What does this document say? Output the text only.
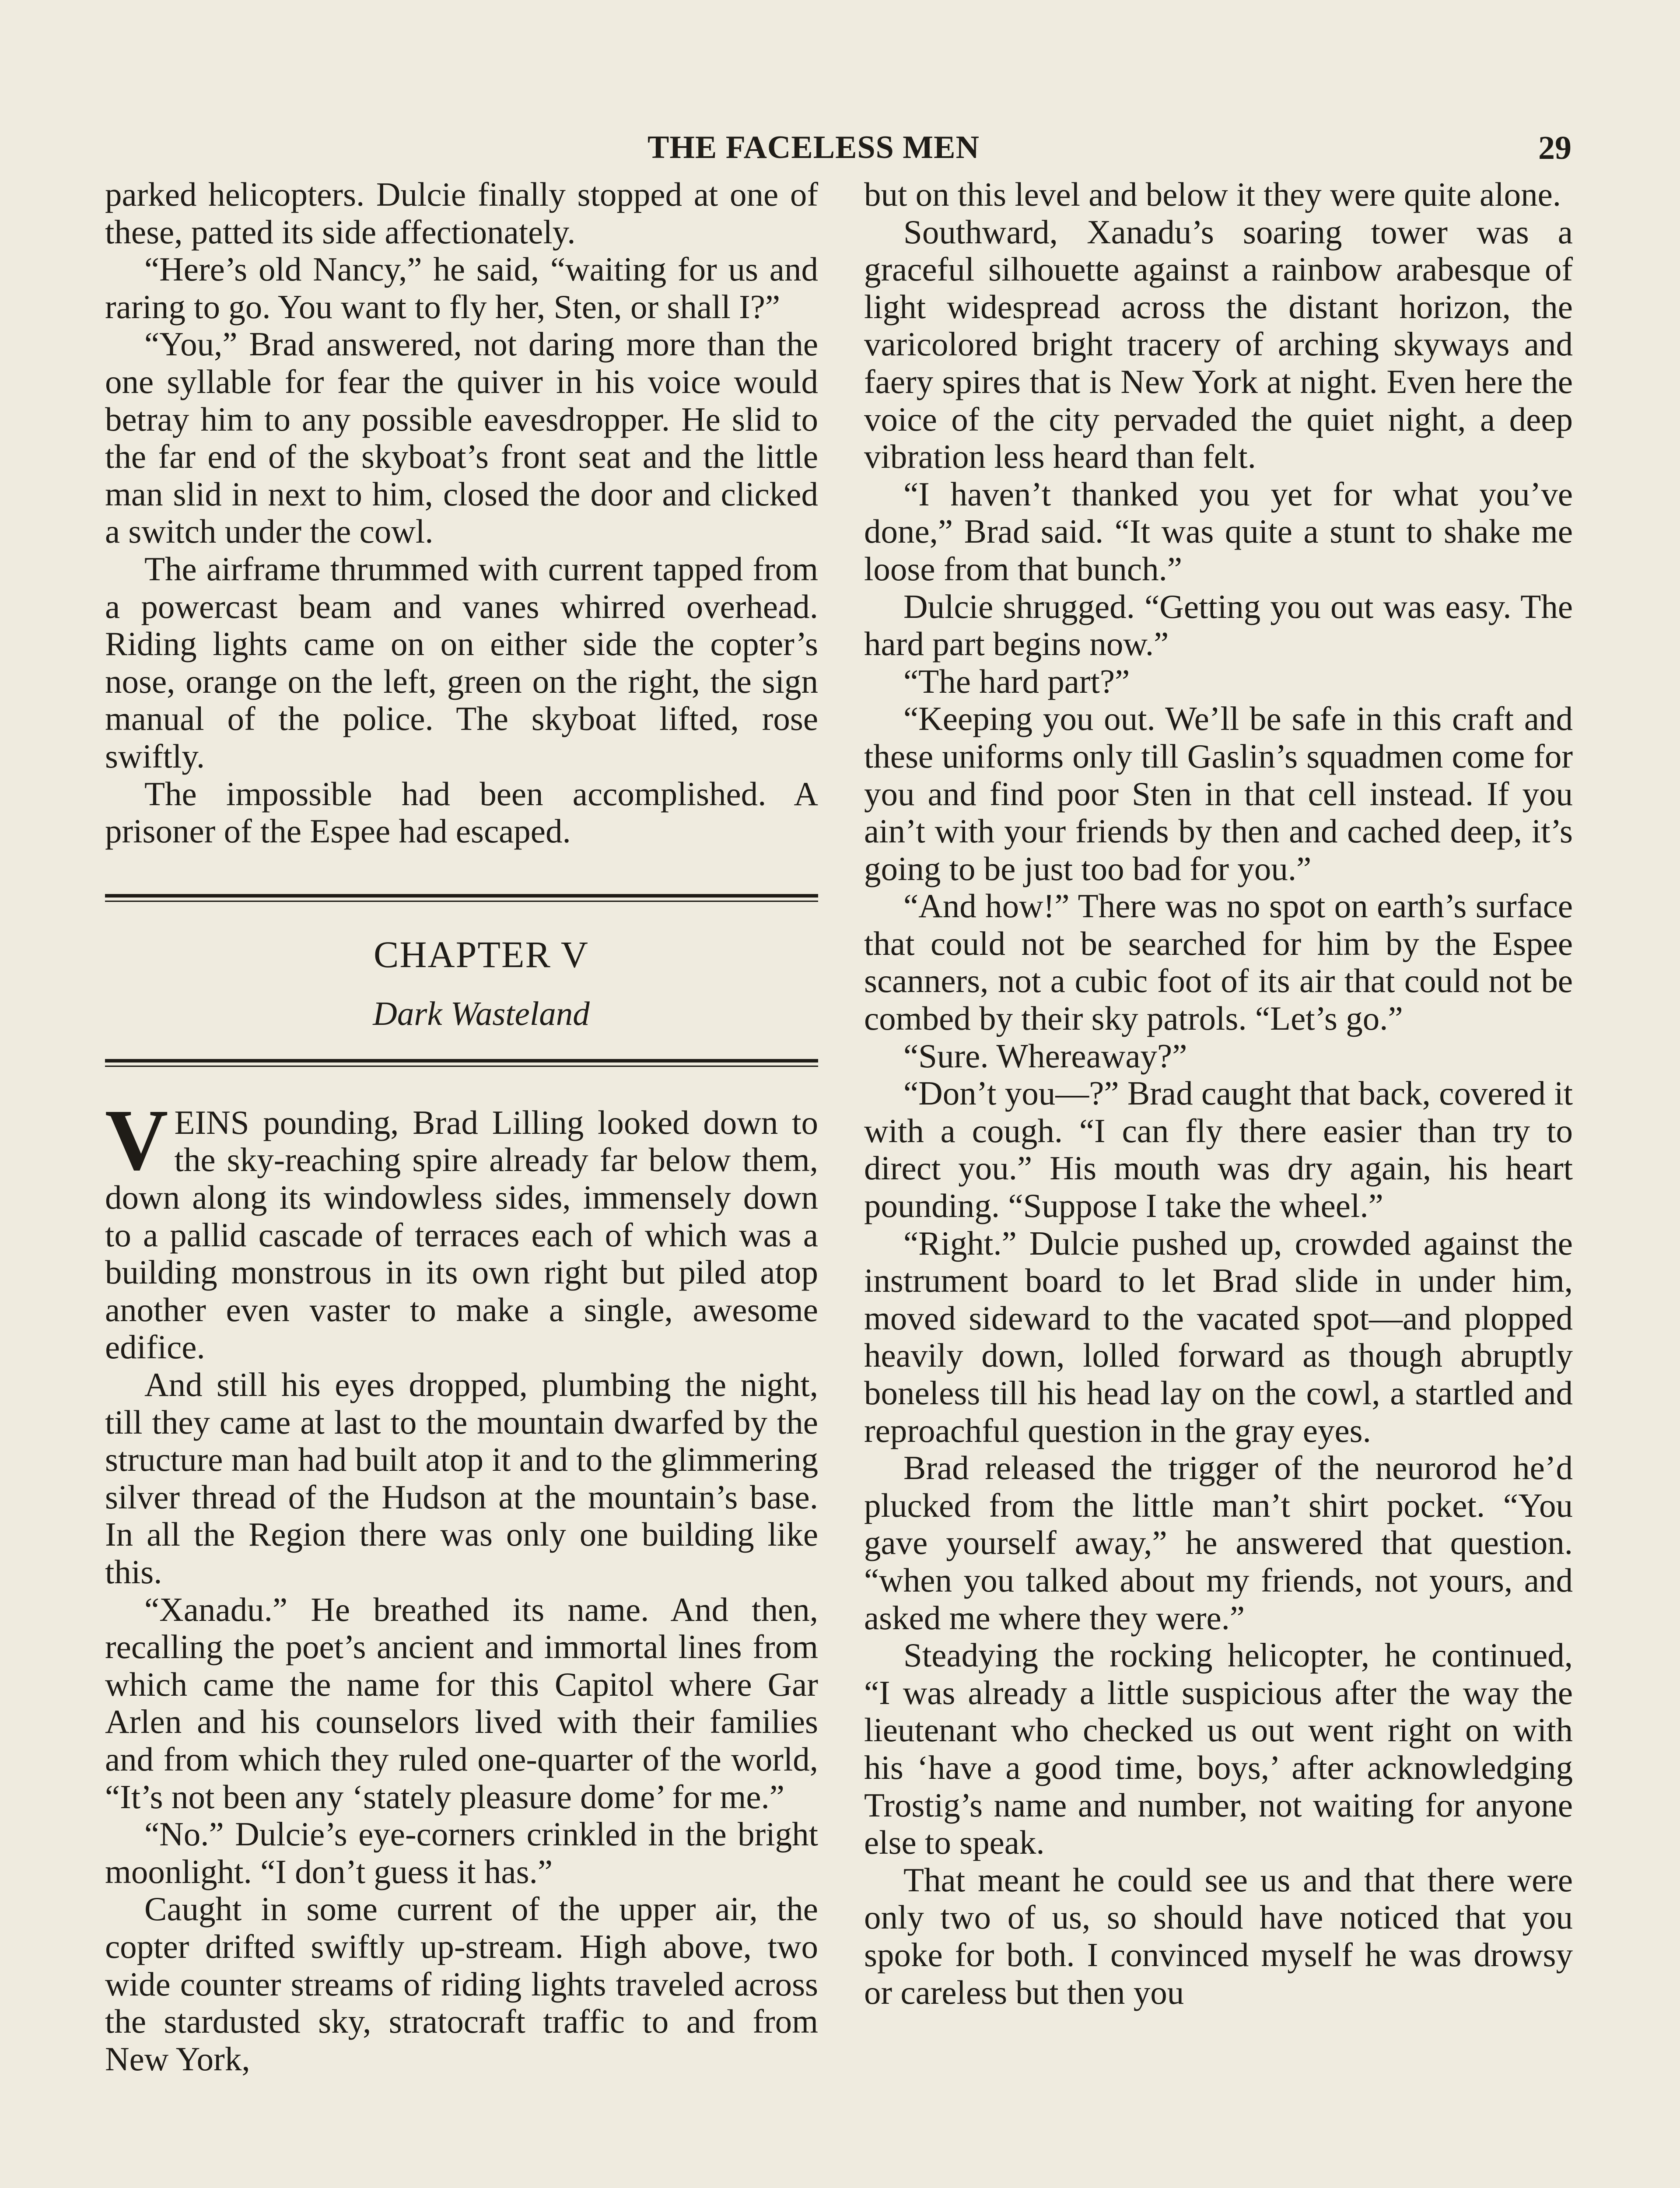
THE FACELESS MEN	29

parked helicopters. Dulcie finally stopped at one of these, patted its side affectionately.

“Here’s old Nancy,” he said, “waiting for us and raring to go. You want to fly her, Sten, or shall I?”

“You,” Brad answered, not daring more than the one syllable for fear the quiver in his voice would betray him to any possible eavesdropper. He slid to the far end of the skyboat’s front seat and the little man slid in next to him, closed the door and clicked a switch under the cowl.

The airframe thrummed with current tapped from a powercast beam and vanes whirred overhead. Riding lights came on on either side the copter’s nose, orange on the left, green on the right, the sign manual of the police. The skyboat lifted, rose swiftly.

The impossible had been accomplished. A prisoner of the Espee had escaped.

CHAPTER V

Dark Wasteland

VEINS pounding, Brad Lilling looked down to the sky-reaching spire already far below them, down along its windowless sides, immensely down to a pallid cascade of terraces each of which was a building monstrous in its own right but piled atop another even vaster to make a single, awesome edifice.

And still his eyes dropped, plumbing the night, till they came at last to the mountain dwarfed by the structure man had built atop it and to the glimmering silver thread of the Hudson at the mountain’s base. In all the Region there was only one building like this.

“Xanadu.” He breathed its name. And then, recalling the poet’s ancient and immortal lines from which came the name for this Capitol where Gar Arlen and his counselors lived with their families and from which they ruled one-quarter of the world, “It’s not been any ‘stately pleasure dome’ for me.”

“No.” Dulcie’s eye-corners crinkled in the bright moonlight. “I don’t guess it has.”

Caught in some current of the upper air, the copter drifted swiftly up-stream. High above, two wide counter streams of riding lights traveled across the stardusted sky, stratocraft traffic to and from New York,

but on this level and below it they were quite alone.

Southward, Xanadu’s soaring tower was a graceful silhouette against a rainbow arabesque of light widespread across the distant horizon, the varicolored bright tracery of arching skyways and faery spires that is New York at night. Even here the voice of the city pervaded the quiet night, a deep vibration less heard than felt.

“I haven’t thanked you yet for what you’ve done,” Brad said. “It was quite a stunt to shake me loose from that bunch.”

Dulcie shrugged. “Getting you out was easy. The hard part begins now.”

“The hard part?”

“Keeping you out. We’ll be safe in this craft and these uniforms only till Gaslin’s squadmen come for you and find poor Sten in that cell instead. If you ain’t with your friends by then and cached deep, it’s going to be just too bad for you.”

“And how!” There was no spot on earth’s surface that could not be searched for him by the Espee scanners, not a cubic foot of its air that could not be combed by their sky patrols. “Let’s go.”

“Sure. Whereaway?”

“Don’t you—?” Brad caught that back, covered it with a cough. “I can fly there easier than try to direct you.” His mouth was dry again, his heart pounding. “Suppose I take the wheel.”

“Right.” Dulcie pushed up, crowded against the instrument board to let Brad slide in under him, moved sideward to the vacated spot—and plopped heavily down, lolled forward as though abruptly boneless till his head lay on the cowl, a startled and reproachful question in the gray eyes.

Brad released the trigger of the neurorod he’d plucked from the little man’t shirt pocket. “You gave yourself away,” he answered that question. “when you talked about my friends, not yours, and asked me where they were.”

Steadying the rocking helicopter, he continued, “I was already a little suspicious after the way the lieutenant who checked us out went right on with his ‘have a good time, boys,’ after acknowledging Trostig’s name and number, not waiting for anyone else to speak.

That meant he could see us and that there were only two of us, so should have noticed that you spoke for both. I convinced myself he was drowsy or careless but then you
